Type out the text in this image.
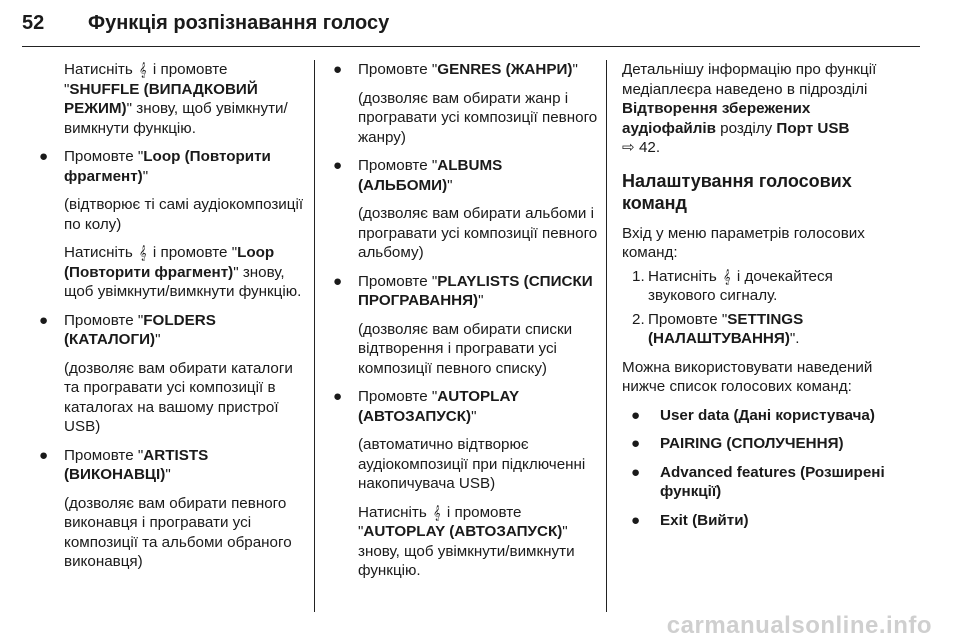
52 Функція розпізнавання голосу
Натисніть 𝄞 і промовте
"SHUFFLE (ВИПАДКОВИЙ РЕЖИМ)" знову, щоб увімкнути/вимкнути функцію.
● Промовте "Loop (Повторити фрагмент)"
(відтворює ті самі аудіокомпозиції по колу)
Натисніть 𝄞 і промовте "Loop (Повторити фрагмент)" знову, щоб увімкнути/вимкнути функцію.
● Промовте "FOLDERS (КАТАЛОГИ)"
(дозволяє вам обирати каталоги та програвати усі композиції в каталогах на вашому пристрої USB)
● Промовте "ARTISTS (ВИКОНАВЦІ)"
(дозволяє вам обирати певного виконавця і програвати усі композиції та альбоми обраного виконавця)
● Промовте "GENRES (ЖАНРИ)"
(дозволяє вам обирати жанр і програвати усі композиції певного жанру)
● Промовте "ALBUMS (АЛЬБОМИ)"
(дозволяє вам обирати альбоми і програвати усі композиції певного альбому)
● Промовте "PLAYLISTS (СПИСКИ ПРОГРАВАННЯ)"
(дозволяє вам обирати списки відтворення і програвати усі композиції певного списку)
● Промовте "AUTOPLAY (АВТОЗАПУСК)"
(автоматично відтворює аудіокомпозиції при підключенні накопичувача USB)
Натисніть 𝄞 і промовте
"AUTOPLAY (АВТОЗАПУСК)" знову, щоб увімкнути/вимкнути функцію.
Детальнішу інформацію про функції медіаплеєра наведено в підрозділі Відтворення збережених аудіофайлів розділу Порт USB
⇨ 42.
Налаштування голосових команд
Вхід у меню параметрів голосових команд:
1. Натисніть 𝄞 і дочекайтеся звукового сигналу.
2. Промовте "SETTINGS (НАЛАШТУВАННЯ)".
Можна використовувати наведений нижче список голосових команд:
● User data (Дані користувача)
● PAIRING (СПОЛУЧЕННЯ)
● Advanced features (Розширені функції)
● Exit (Вийти)
carmanualsonline.info
